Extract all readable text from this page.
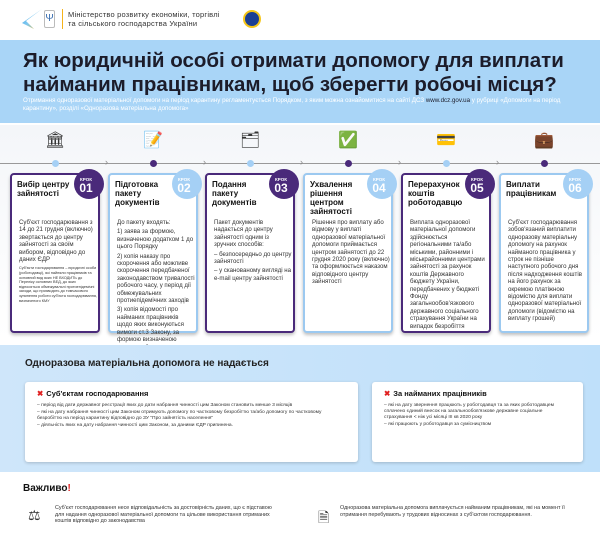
Ψ Міністерство розвитку економіки, торгівлі
та сільського господарства України
Як юридичній особі отримати допомогу для виплати найманим працівникам, щоб зберегти робочі місця?

Отримання одноразової матеріальної допомоги на період карантину регламентується Порядком, з яким можна ознайомитися на сайті ДСЗ www.dcz.gov.ua у рубриці «Допомоги на період карантину», розділі «Одноразова матеріальна допомога»

🏛
›
КРОК
01
Вибір центру зайнятості

Суб'єкт господарювання з 14 до 21 грудня (включно) звертається до центру зайнятості за своїм вибором, відповідно до даних ЄДР

Суб'єкти господарювання – юридичні особи (роботодавці), які найняли працівників та основний вид яких НЕ ВХОДИТЬ до Переліку основних ВЕД, до яких відносяться обмежувальні протиепідемічні заходи, що призводять до тимчасового зупинення роботи суб'єкта господарювання, визначеного КМУ
📝
›
КРОК
02
Підготовка пакету документів

До пакету входять:

1) заява за формою, визначеною додатком 1 до цього Порядку

2) копія наказу про скорочення або можливе скорочення передбаченої законодавством тривалості робочого часу, у період дії обмежувальних протиепідемічних заходів

3) копія відомості про найманих працівників щодо яких виконуються вимоги ст.3 Закону, за формою визначеною

🗂
›
КРОК
03
Подання пакету документів

Пакет документів надається до центру зайнятості одним із зручних способів:

– безпосередньо до центру зайнятості

– у сканованому вигляді на e-mail центру зайнятості

✅
›
КРОК
04
Ухвалення рішення центром зайнятості

Рішення про виплату або відмову у виплаті одноразової матеріальної допомоги приймається центром зайнятості до 22 грудня 2020 року (включно) та оформлюється наказом відповідного центру зайнятості

💳
›
КРОК
05
Перерахунок коштів роботодавцю

Виплата одноразової матеріальної допомоги здійснюється регіональними та/або міськими, районними і міськрайонними центрами зайнятості за рахунок коштів Державного бюджету України, передбачених у бюджеті Фонду загальнообов'язкового державного соціального страхування України на випадок безробіття

💼
КРОК
06
Виплати працівникам

Суб'єкт господарювання зобов'язаний виплатити одноразову матеріальну допомогу на рахунок найманого працівника у строк не пізніше наступного робочого дня після надходження коштів на його рахунок за окремою платіжною відомістю для виплати одноразової матеріальної допомоги (відомістю на виплату грошей)

Одноразова матеріальна допомога не надається
✖ Суб'єктам господарювання
– період від дати державної реєстрації яких до дати набрання чинності цим Законом становить менше 3 місяців
– які на дату набрання чинності цим Законом отримують допомогу по частковому безробіттю та/або допомогу по частковому безробіттю на період карантину відповідно до ЗУ "Про зайнятість населення"
– діяльність яких на дату набрання чинності цим Законом, за даними ЄДР припинена.
✖ За найманих працівників
– які на дату звернення працюють у роботодавця та за яких роботодавцем сплачено єдиний внесок на загальнообов'язкове державне соціальне страхування < ніж усі місяці III кв 2020 року
– які працюють у роботодавця за сумісництвом
Важливо!
⚖	Суб'єкт господарювання несе відповідальність за достовірність даних, що є підставою для надання одноразової матеріальної допомоги та цільове використання отриманих коштів відповідно до законодавства	🗎
Одноразова матеріальна допомога виплачується найманим працівникам, які на момент її отримання перебувають у трудових відносинах з суб'єктом господарювання.
